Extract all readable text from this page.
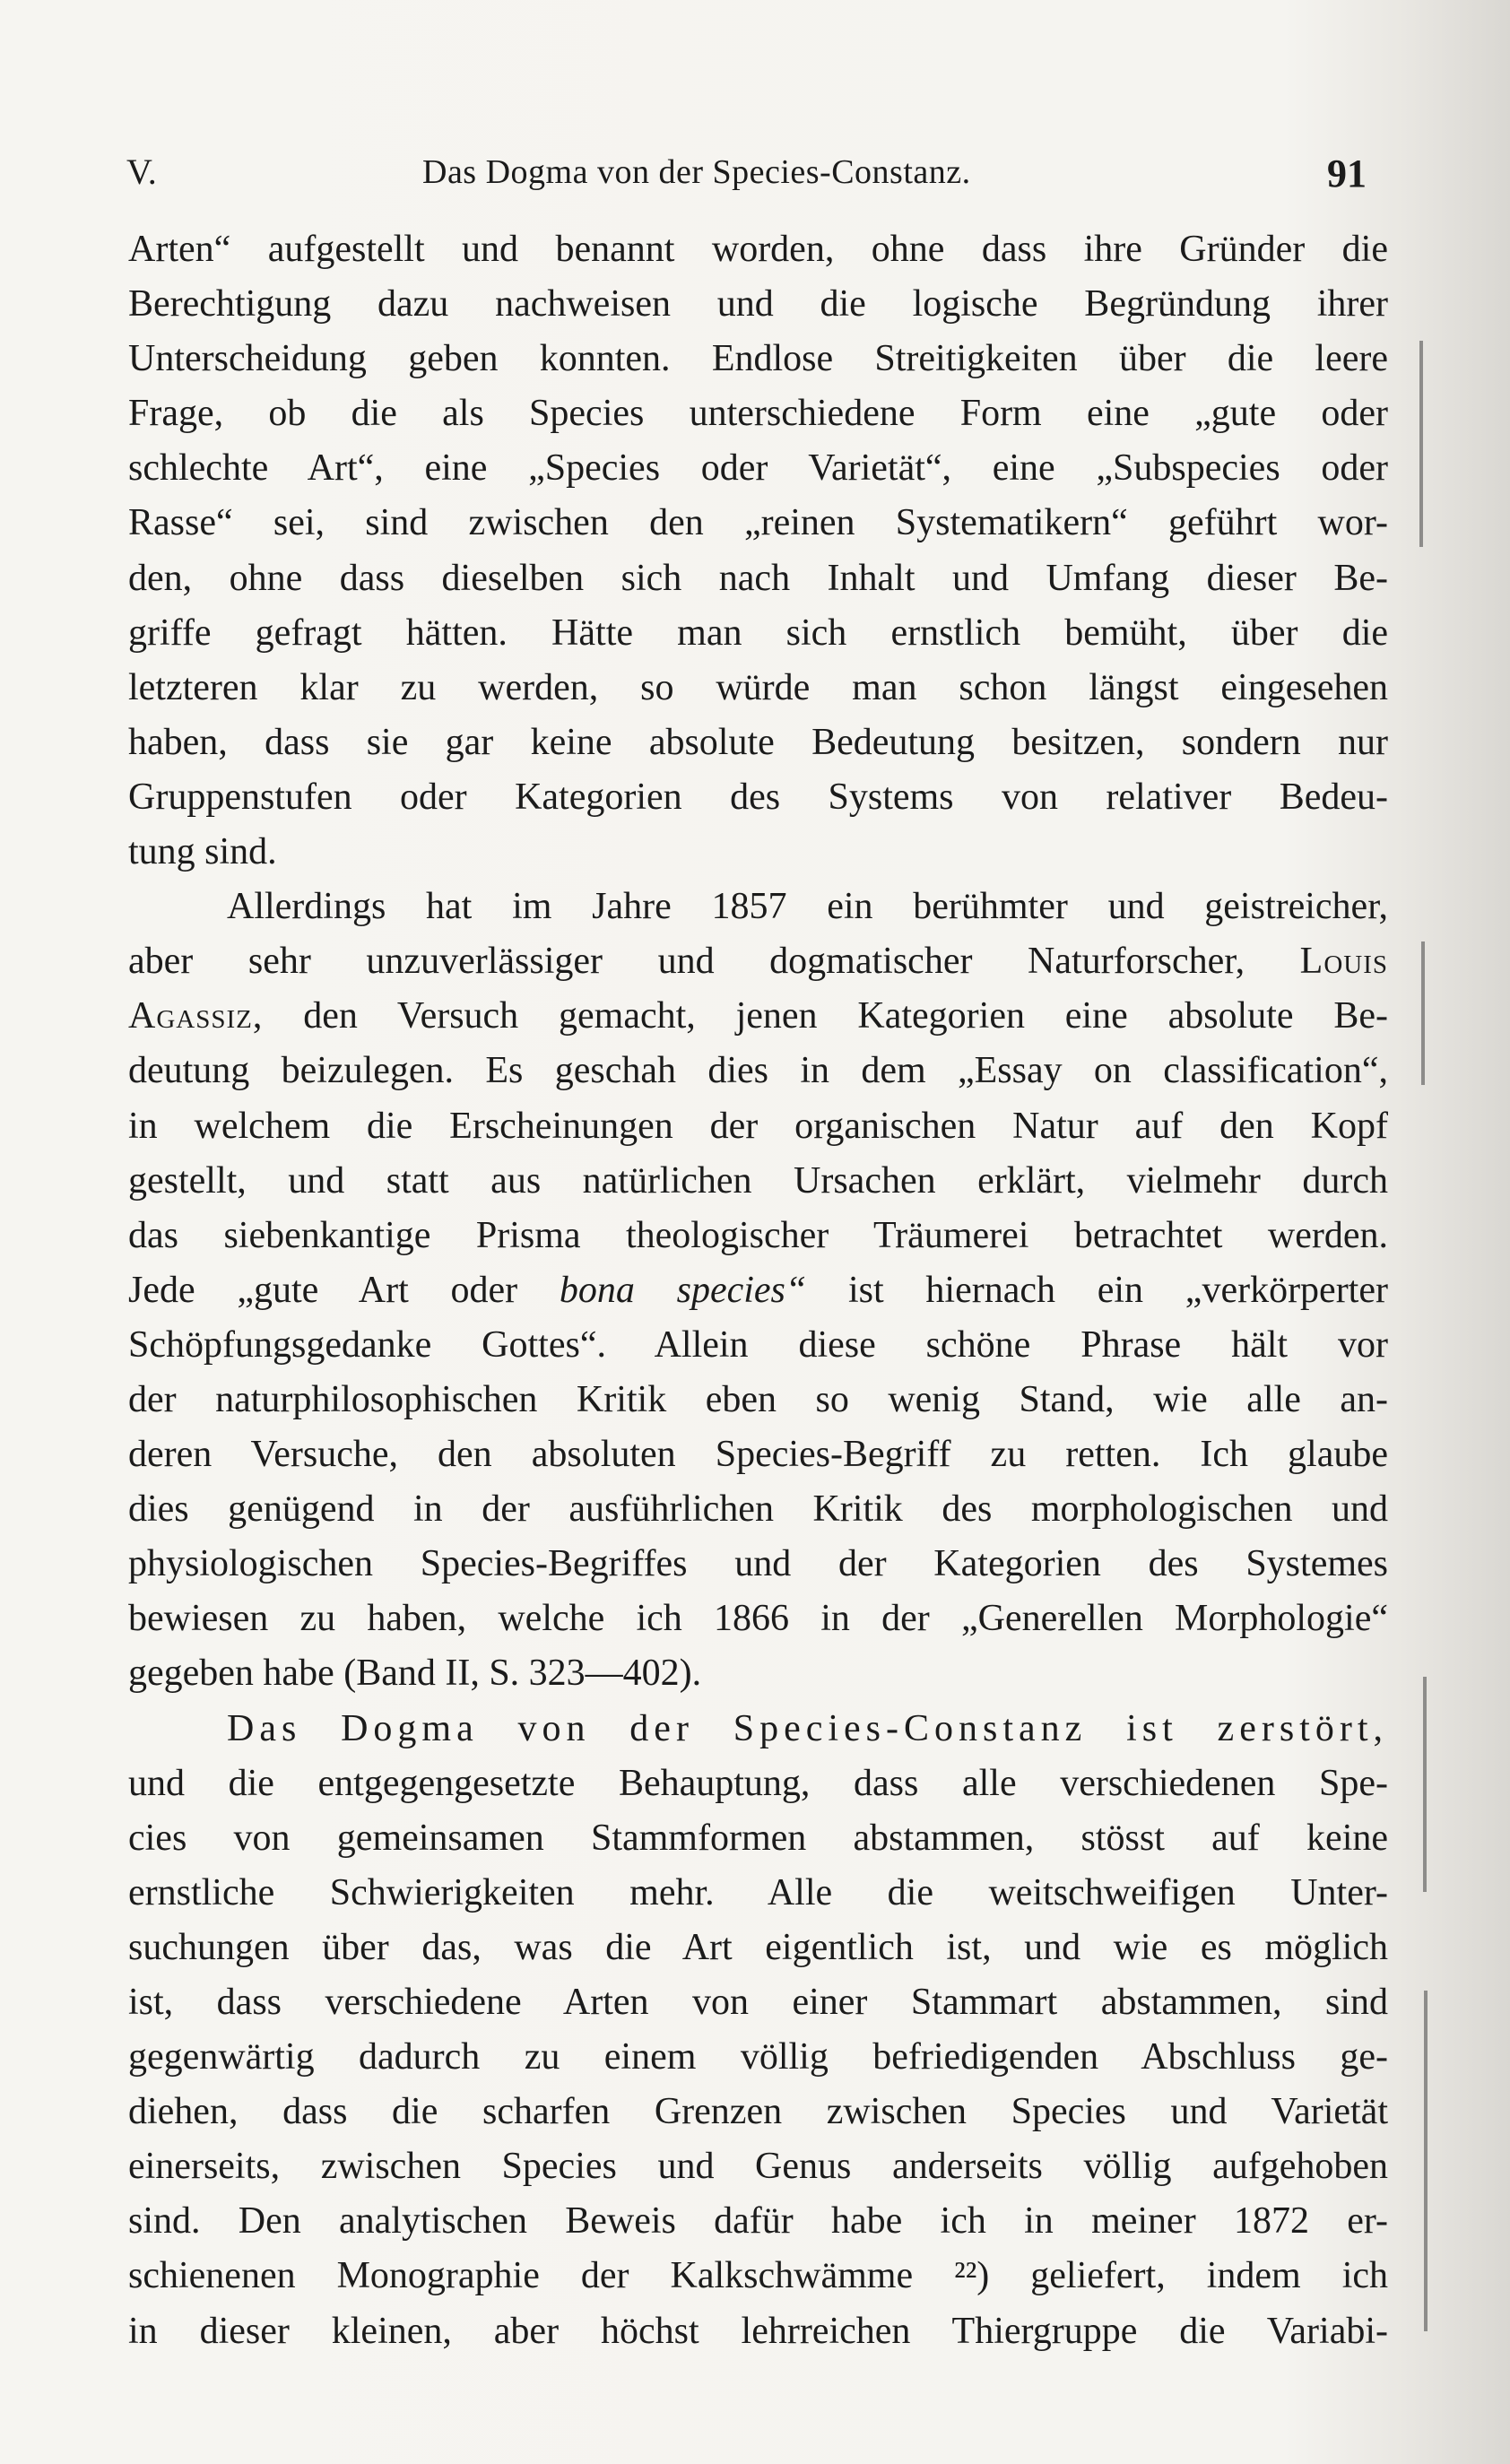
V.	Das Dogma von der Species-Constanz.	91
Arten“ aufgestellt und benannt worden, ohne dass ihre Gründer die
Berechtigung dazu nachweisen und die logische Begründung ihrer
Unterscheidung geben konnten. Endlose Streitigkeiten über die leere
Frage, ob die als Species unterschiedene Form eine „gute oder
schlechte Art“, eine „Species oder Varietät“, eine „Subspecies oder
Rasse“ sei, sind zwischen den „reinen Systematikern“ geführt wor-
den, ohne dass dieselben sich nach Inhalt und Umfang dieser Be-
griffe gefragt hätten. Hätte man sich ernstlich bemüht, über die
letzteren klar zu werden, so würde man schon längst eingesehen
haben, dass sie gar keine absolute Bedeutung besitzen, sondern nur
Gruppenstufen oder Kategorien des Systems von relativer Bedeu-
tung sind.
Allerdings hat im Jahre 1857 ein berühmter und geistreicher,
aber sehr unzuverlässiger und dogmatischer Naturforscher, Louis
Agassiz, den Versuch gemacht, jenen Kategorien eine absolute Be-
deutung beizulegen. Es geschah dies in dem „Essay on classification“,
in welchem die Erscheinungen der organischen Natur auf den Kopf
gestellt, und statt aus natürlichen Ursachen erklärt, vielmehr durch
das siebenkantige Prisma theologischer Träumerei betrachtet werden.
Jede „gute Art oder bona species“ ist hiernach ein „verkörperter
Schöpfungsgedanke Gottes“. Allein diese schöne Phrase hält vor
der naturphilosophischen Kritik eben so wenig Stand, wie alle an-
deren Versuche, den absoluten Species-Begriff zu retten. Ich glaube
dies genügend in der ausführlichen Kritik des morphologischen und
physiologischen Species-Begriffes und der Kategorien des Systemes
bewiesen zu haben, welche ich 1866 in der „Generellen Morphologie“
gegeben habe (Band II, S. 323—402).
Das Dogma von der Species-Constanz ist zerstört,
und die entgegengesetzte Behauptung, dass alle verschiedenen Spe-
cies von gemeinsamen Stammformen abstammen, stösst auf keine
ernstliche Schwierigkeiten mehr. Alle die weitschweifigen Unter-
suchungen über das, was die Art eigentlich ist, und wie es möglich
ist, dass verschiedene Arten von einer Stammart abstammen, sind
gegenwärtig dadurch zu einem völlig befriedigenden Abschluss ge-
diehen, dass die scharfen Grenzen zwischen Species und Varietät
einerseits, zwischen Species und Genus anderseits völlig aufgehoben
sind. Den analytischen Beweis dafür habe ich in meiner 1872 er-
schienenen Monographie der Kalkschwämme ²²) geliefert, indem ich
in dieser kleinen, aber höchst lehrreichen Thiergruppe die Variabi-
